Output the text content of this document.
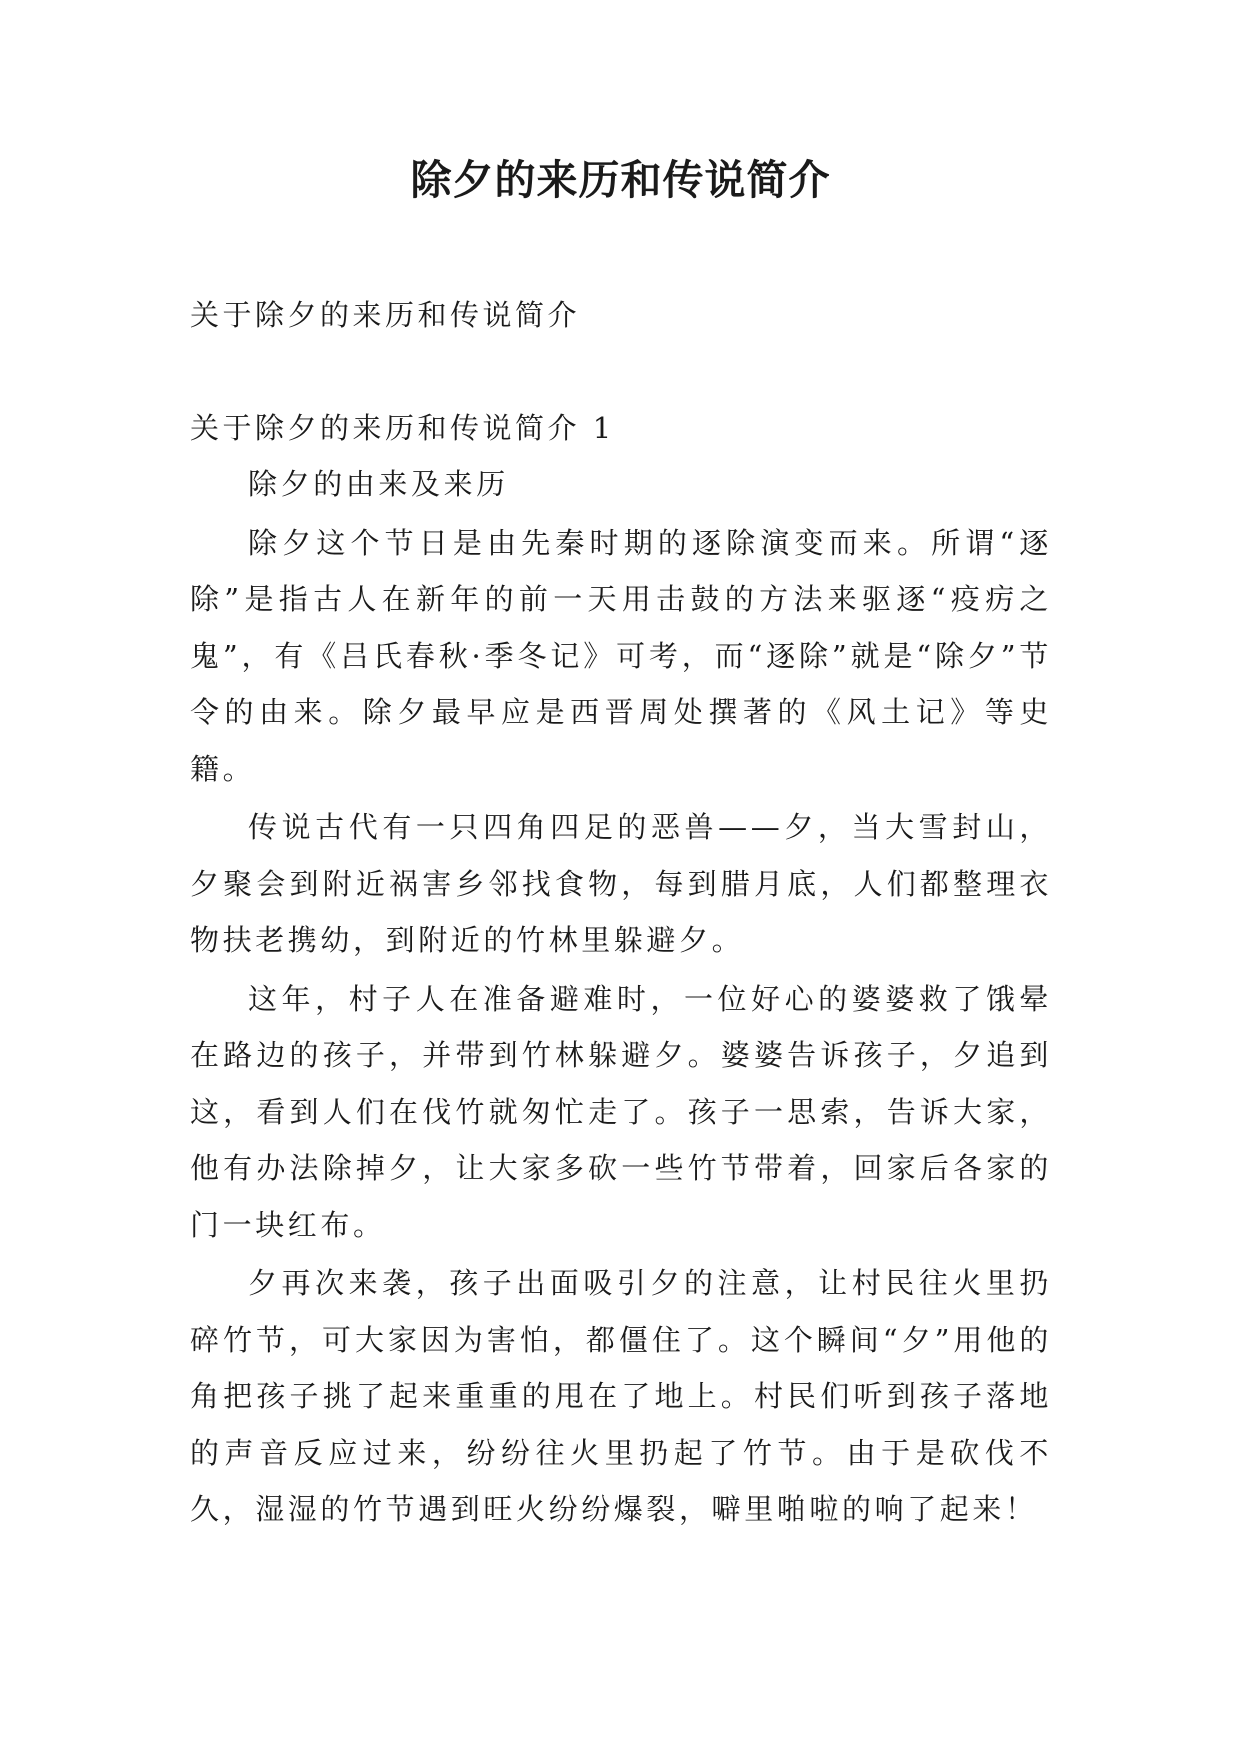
除夕的来历和传说简介

关于除夕的来历和传说简介

关于除夕的来历和传说简介 1

除夕的由来及来历

除夕这个节日是由先秦时期的逐除演变而来。所谓“逐除”是指古人在新年的前一天用击鼓的方法来驱逐“疫疠之鬼”，有《吕氏春秋·季冬记》可考，而“逐除”就是“除夕”节令的由来。除夕最早应是西晋周处撰著的《风土记》等史籍。

传说古代有一只四角四足的恶兽——夕，当大雪封山，夕聚会到附近祸害乡邻找食物，每到腊月底，人们都整理衣物扶老携幼，到附近的竹林里躲避夕。

这年，村子人在准备避难时，一位好心的婆婆救了饿晕在路边的孩子，并带到竹林躲避夕。婆婆告诉孩子，夕追到这，看到人们在伐竹就匆忙走了。孩子一思索，告诉大家，他有办法除掉夕，让大家多砍一些竹节带着，回家后各家的门一块红布。

夕再次来袭，孩子出面吸引夕的注意，让村民往火里扔碎竹节，可大家因为害怕，都僵住了。这个瞬间“夕”用他的角把孩子挑了起来重重的甩在了地上。村民们听到孩子落地的声音反应过来，纷纷往火里扔起了竹节。由于是砍伐不久，湿湿的竹节遇到旺火纷纷爆裂，噼里啪啦的响了起来！
